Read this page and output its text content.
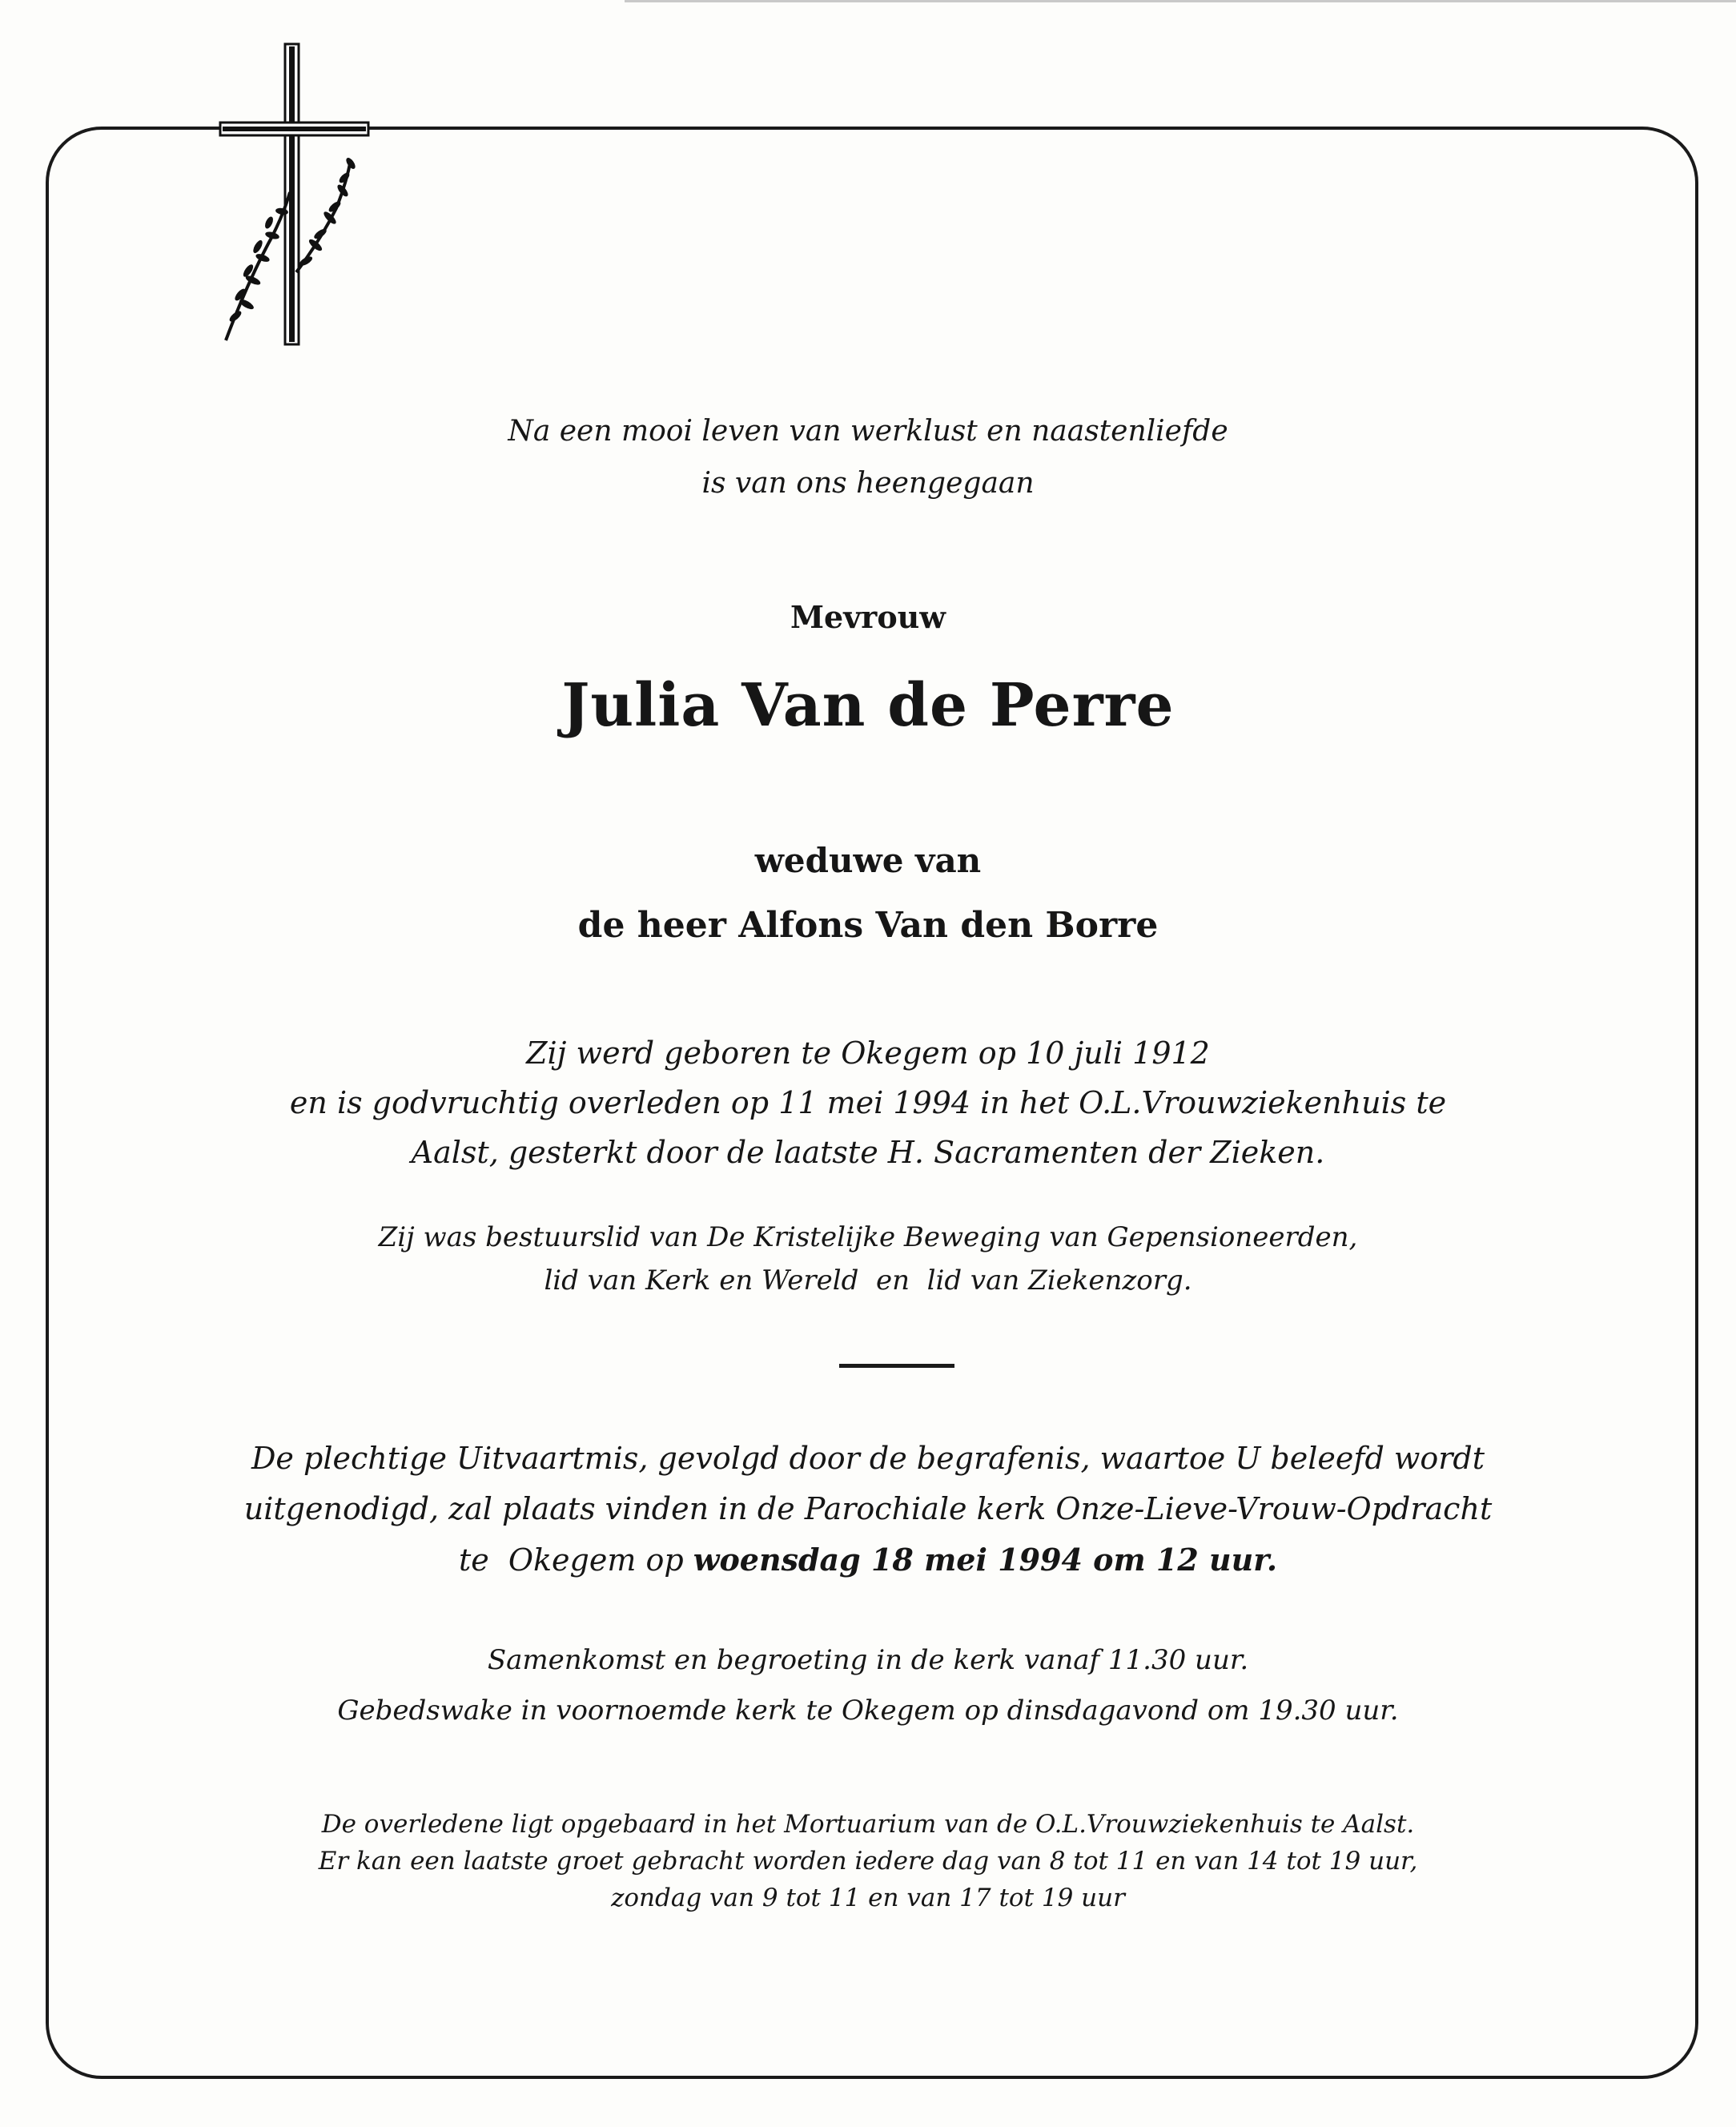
Na een mooi leven van werklust en naastenliefde
is van ons heengegaan
Mevrouw
Julia Van de Perre
weduwe van
de heer Alfons Van den Borre
Zij werd geboren te Okegem op 10 juli 1912
en is godvruchtig overleden op 11 mei 1994 in het O.L.Vrouwziekenhuis te
Aalst, gesterkt door de laatste H. Sacramenten der Zieken.
Zij was bestuurslid van De Kristelijke Beweging van Gepensioneerden,
lid van Kerk en Wereld  en  lid van Ziekenzorg.
De plechtige Uitvaartmis, gevolgd door de begrafenis, waartoe U beleefd wordt
uitgenodigd, zal plaats vinden in de Parochiale kerk Onze-Lieve-Vrouw-Opdracht
te  Okegem op woensdag 18 mei 1994 om 12 uur.
Samenkomst en begroeting in de kerk vanaf 11.30 uur.
Gebedswake in voornoemde kerk te Okegem op dinsdagavond om 19.30 uur.
De overledene ligt opgebaard in het Mortuarium van de O.L.Vrouwziekenhuis te Aalst.
Er kan een laatste groet gebracht worden iedere dag van 8 tot 11 en van 14 tot 19 uur,
zondag van 9 tot 11 en van 17 tot 19 uur
